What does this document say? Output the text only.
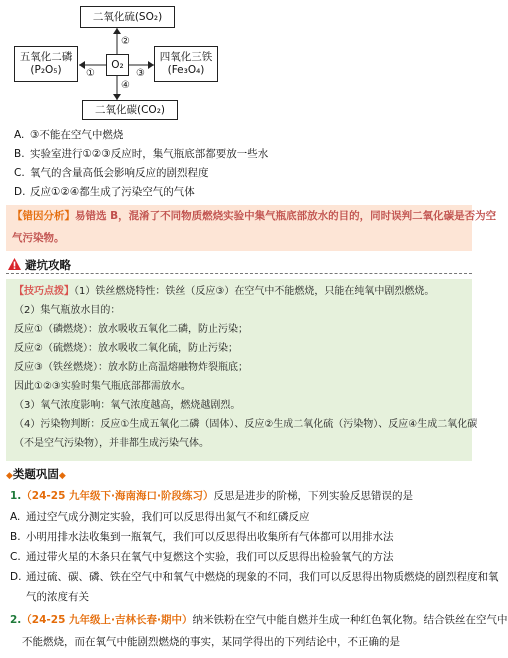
二氧化硫(SO₂)
五氧化二磷
(P₂O₅)	O₂
四氧化三铁
(Fe₃O₄)
二氧化碳(CO₂)
②
④
①	③
A. ③不能在空气中燃烧
B. 实验室进行①②③反应时，集气瓶底部都要放一些水
C. 氧气的含量高低会影响反应的剧烈程度
D. 反应①②④都生成了污染空气的气体
【错因分析】易错选 B，混淆了不同物质燃烧实验中集气瓶底部放水的目的，同时误判二氧化碳是否为空
气污染物。
避坑攻略
【技巧点拨】（1）铁丝燃烧特性：铁丝（反应③）在空气中不能燃烧，只能在纯氧中剧烈燃烧。
（2）集气瓶放水目的：
反应①（磷燃烧）：放水吸收五氧化二磷，防止污染；
反应②（硫燃烧）：放水吸收二氧化硫，防止污染；
反应③（铁丝燃烧）：放水防止高温熔融物炸裂瓶底；
因此①②③实验时集气瓶底部都需放水。
（3）氧气浓度影响：氧气浓度越高，燃烧越剧烈。
（4）污染物判断：反应①生成五氧化二磷（固体）、反应②生成二氧化硫（污染物）、反应④生成二氧化碳
（不是空气污染物），并非都生成污染气体。
◆类题巩固◆
1.（24-25 九年级下·海南海口·阶段练习）反思是进步的阶梯，下列实验反思错误的是
A. 通过空气成分测定实验，我们可以反思得出氮气不和红磷反应
B. 小明用排水法收集到一瓶氧气，我们可以反思得出收集所有气体都可以用排水法
C. 通过带火星的木条只在氧气中复燃这个实验，我们可以反思得出检验氧气的方法
D. 通过硫、碳、磷、铁在空气中和氧气中燃烧的现象的不同，我们可以反思得出物质燃烧的剧烈程度和氧
气的浓度有关
2.（24-25 九年级上·吉林长春·期中）纳米铁粉在空气中能自燃并生成一种红色氧化物。结合铁丝在空气中
不能燃烧，而在氧气中能剧烈燃烧的事实，某同学得出的下列结论中，不正确的是
